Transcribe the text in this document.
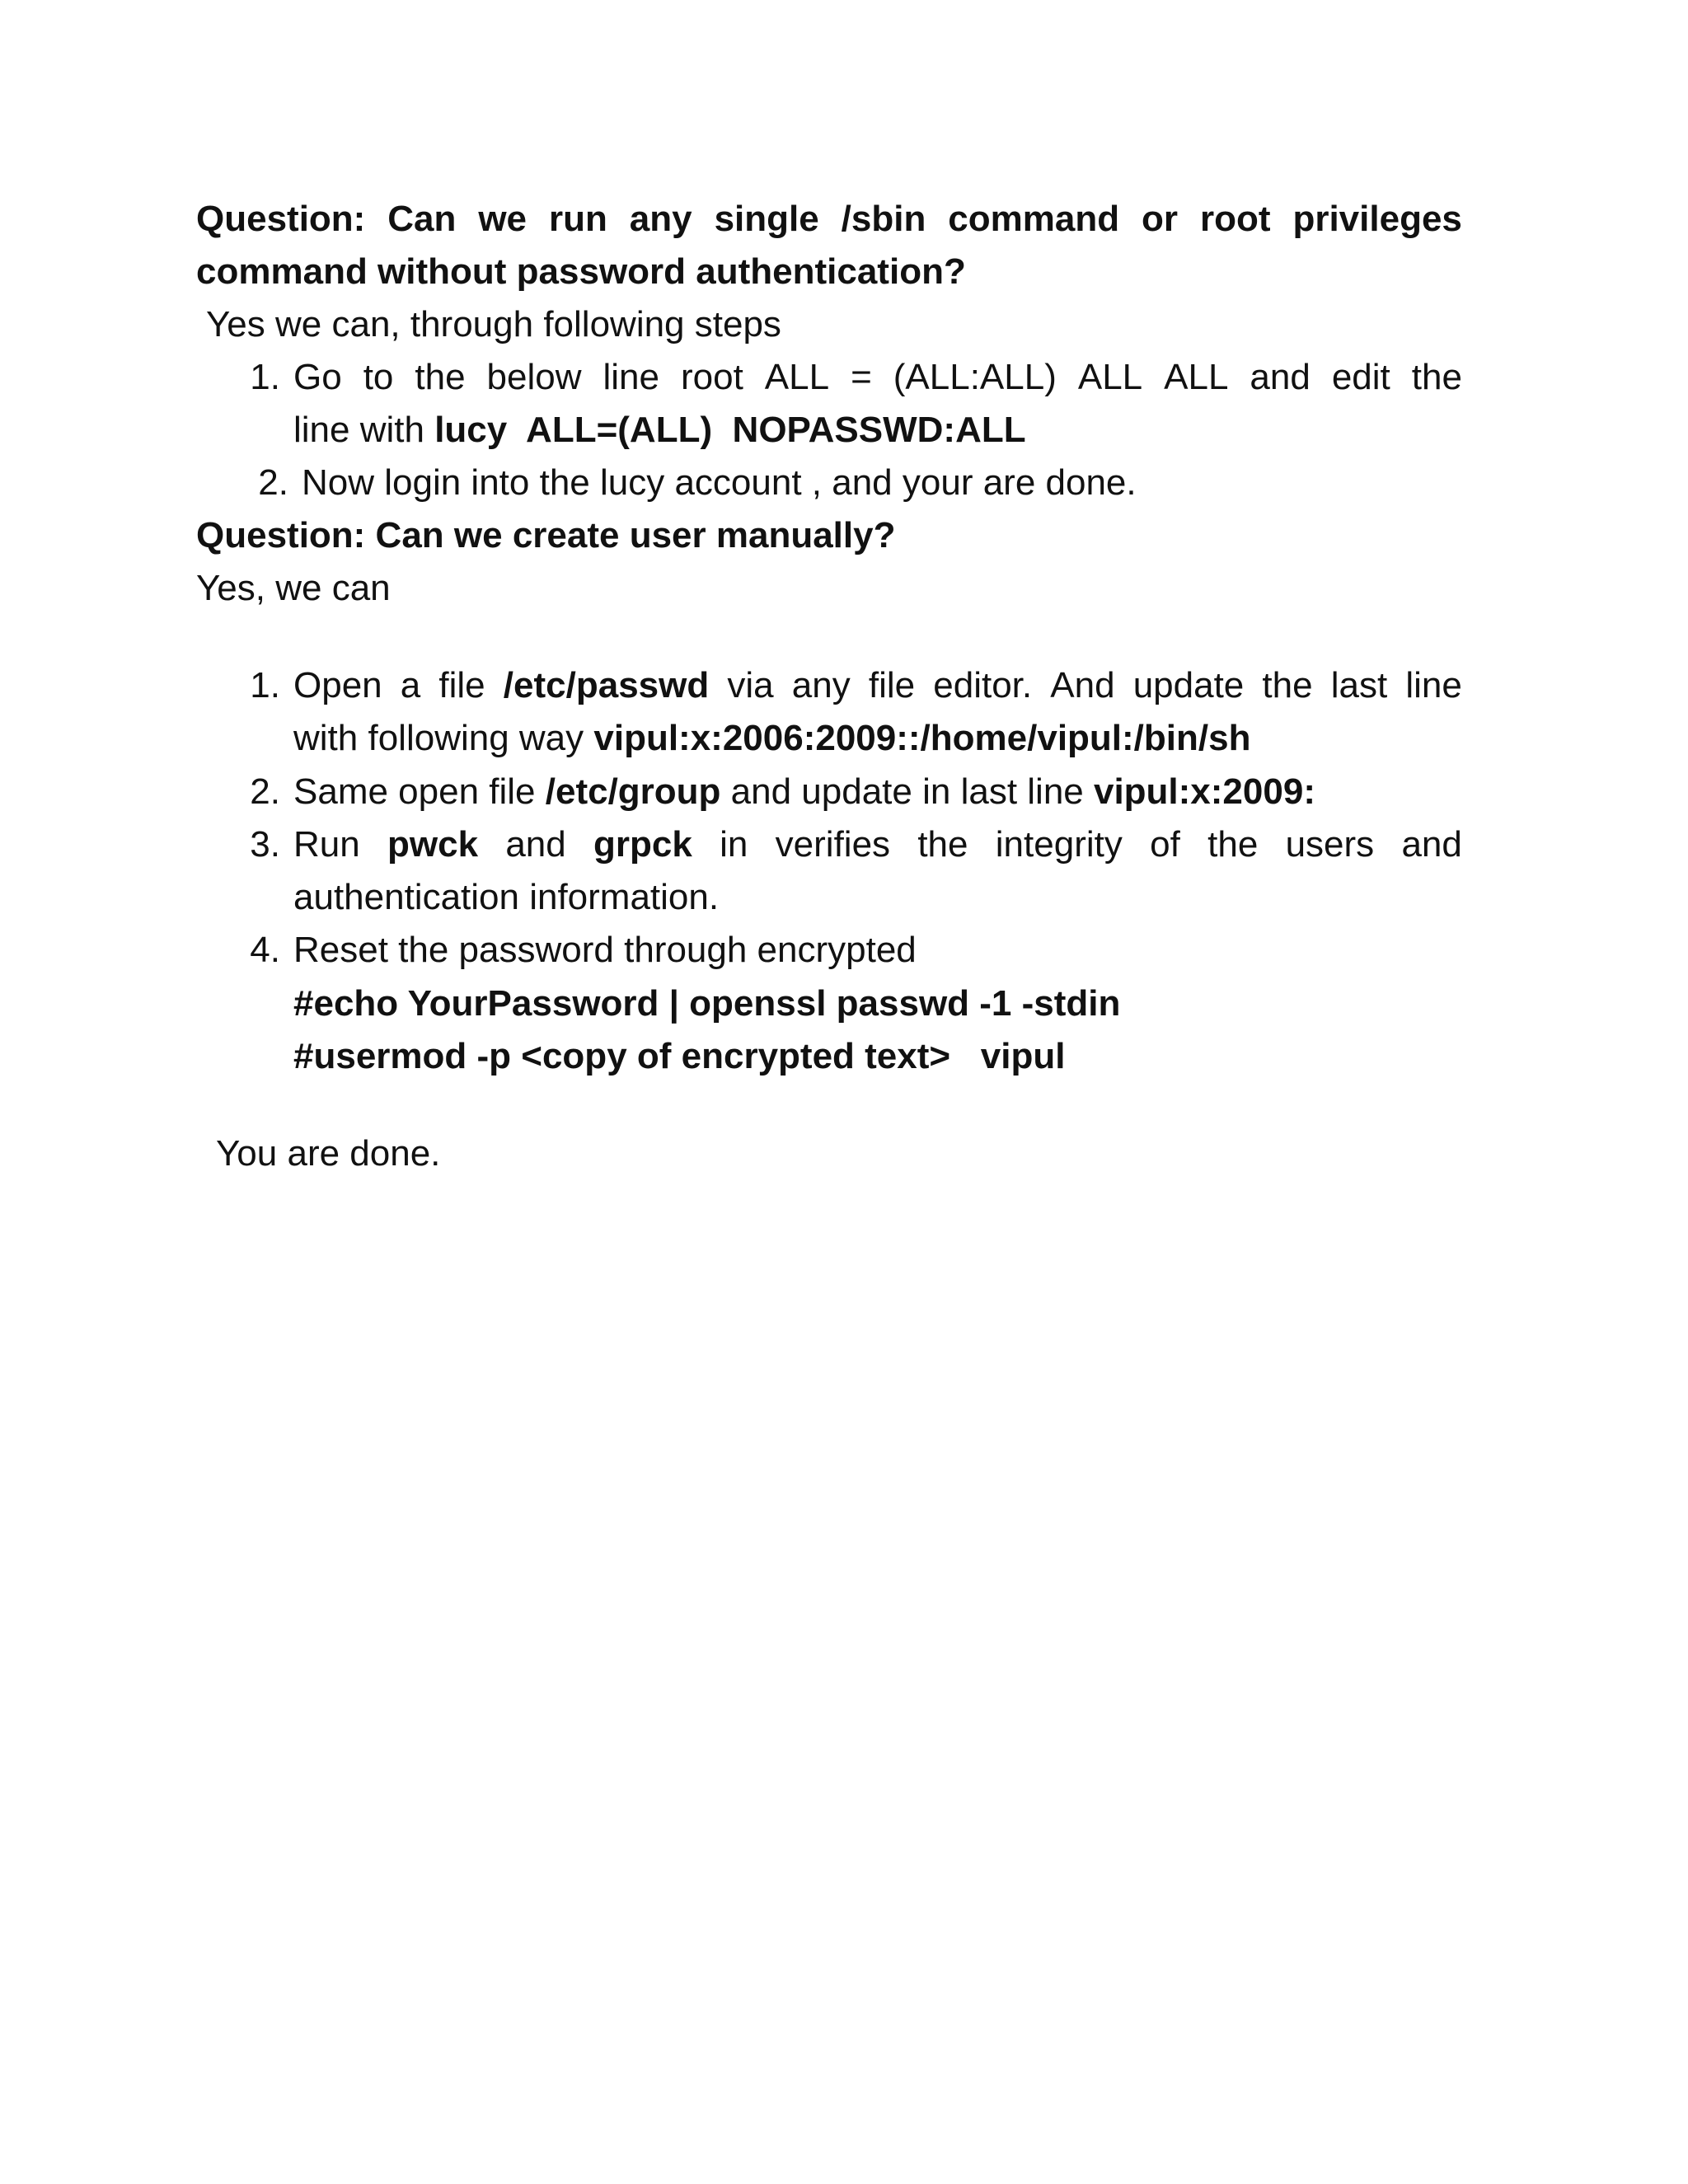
Question: Can we run any single /sbin command or root privileges
command without password authentication?
Yes we can, through following steps
1. Go to the below line root ALL = (ALL:ALL) ALL ALL and edit the
line with lucy  ALL=(ALL)  NOPASSWD:ALL
2. Now login into the lucy account , and your are done.
Question: Can we create user manually?
Yes, we can
1. Open a file /etc/passwd via any file editor. And update the last line
with following way vipul:x:2006:2009::/home/vipul:/bin/sh
2. Same open file /etc/group and update in last line vipul:x:2009:
3. Run pwck and grpck in verifies the integrity of the users and
authentication information.
4. Reset the password through encrypted
#echo YourPassword | openssl passwd -1 -stdin
#usermod -p <copy of encrypted text>   vipul
You are done.
